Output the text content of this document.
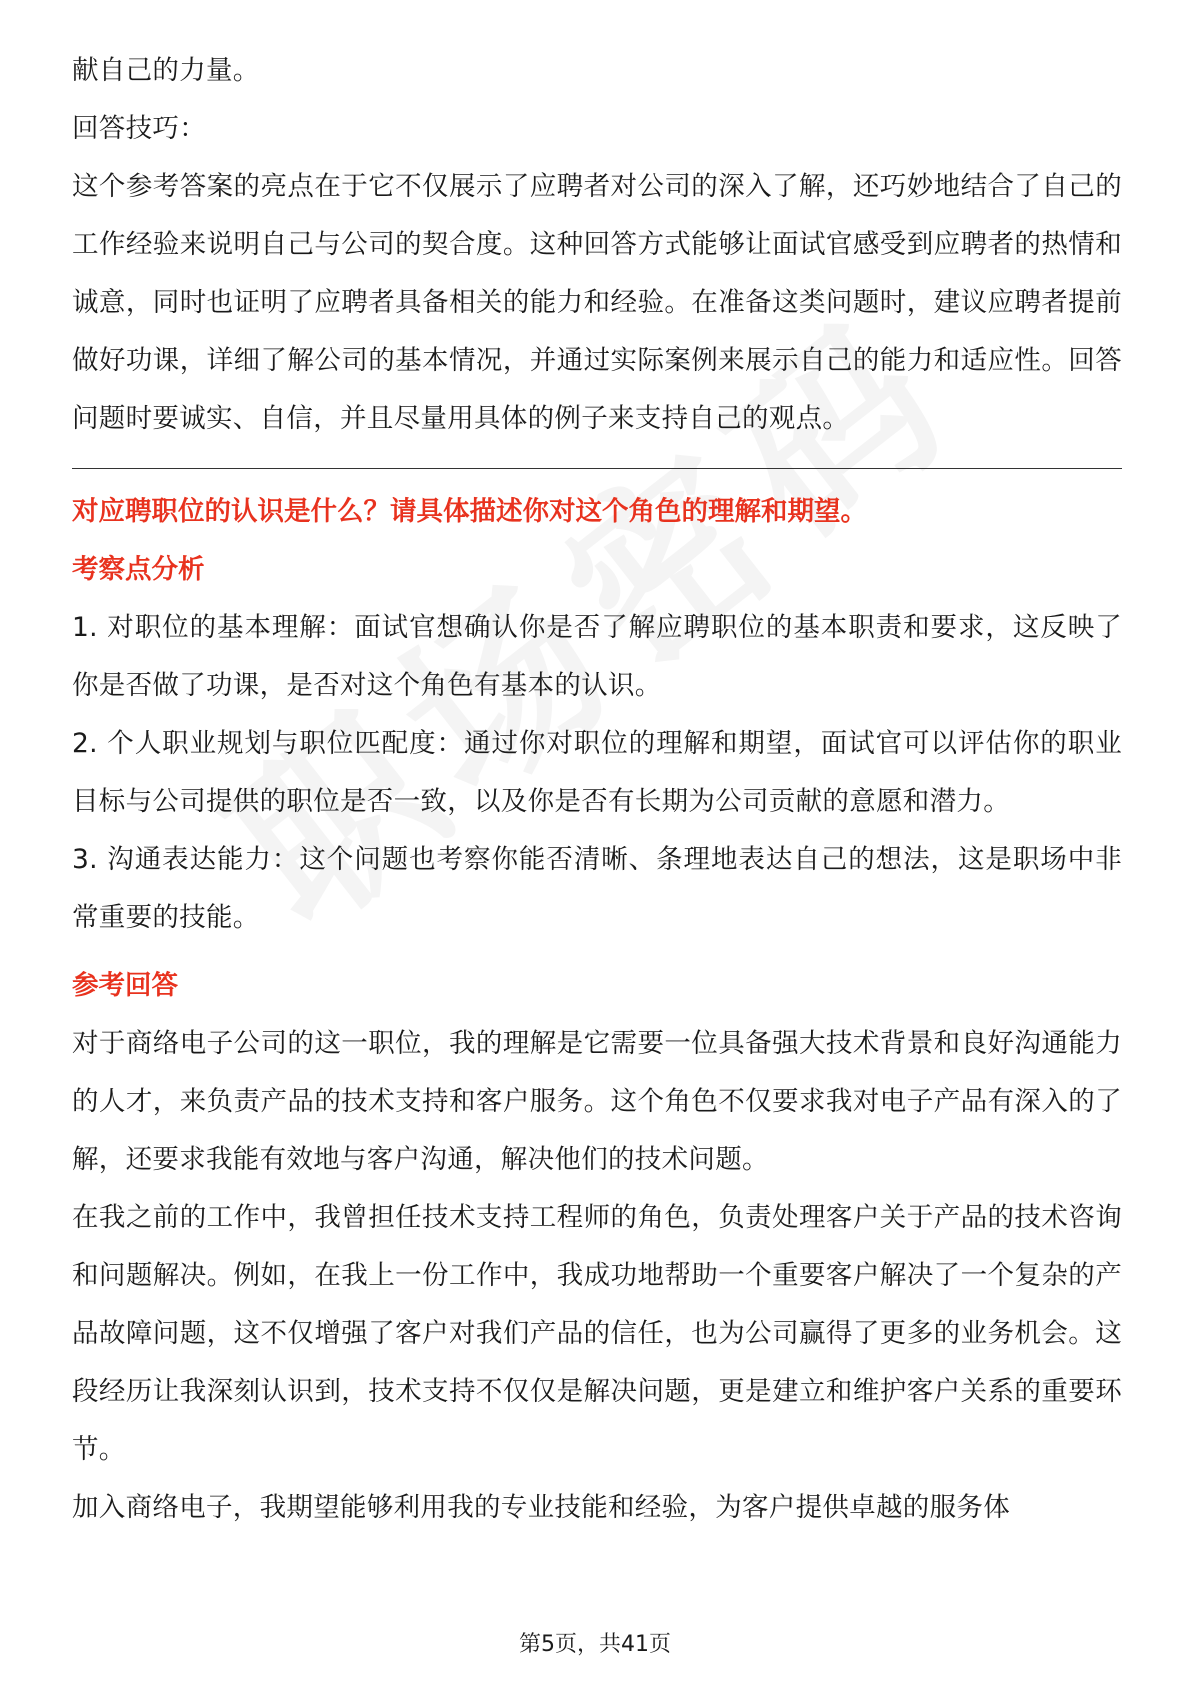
献自己的力量。

回答技巧：

这个参考答案的亮点在于它不仅展示了应聘者对公司的深入了解，还巧妙地结合了自己的工作经验来说明自己与公司的契合度。这种回答方式能够让面试官感受到应聘者的热情和诚意，同时也证明了应聘者具备相关的能力和经验。在准备这类问题时，建议应聘者提前做好功课，详细了解公司的基本情况，并通过实际案例来展示自己的能力和适应性。回答问题时要诚实、自信，并且尽量用具体的例子来支持自己的观点。

对应聘职位的认识是什么？请具体描述你对这个角色的理解和期望。

考察点分析

1. 对职位的基本理解：面试官想确认你是否了解应聘职位的基本职责和要求，这反映了你是否做了功课，是否对这个角色有基本的认识。

2. 个人职业规划与职位匹配度：通过你对职位的理解和期望，面试官可以评估你的职业目标与公司提供的职位是否一致，以及你是否有长期为公司贡献的意愿和潜力。

3. 沟通表达能力：这个问题也考察你能否清晰、条理地表达自己的想法，这是职场中非常重要的技能。

参考回答

对于商络电子公司的这一职位，我的理解是它需要一位具备强大技术背景和良好沟通能力的人才，来负责产品的技术支持和客户服务。这个角色不仅要求我对电子产品有深入的了解，还要求我能有效地与客户沟通，解决他们的技术问题。

在我之前的工作中，我曾担任技术支持工程师的角色，负责处理客户关于产品的技术咨询和问题解决。例如，在我上一份工作中，我成功地帮助一个重要客户解决了一个复杂的产品故障问题，这不仅增强了客户对我们产品的信任，也为公司赢得了更多的业务机会。这段经历让我深刻认识到，技术支持不仅仅是解决问题，更是建立和维护客户关系的重要环节。

加入商络电子，我期望能够利用我的专业技能和经验，为客户提供卓越的服务体

第5页，共41页
